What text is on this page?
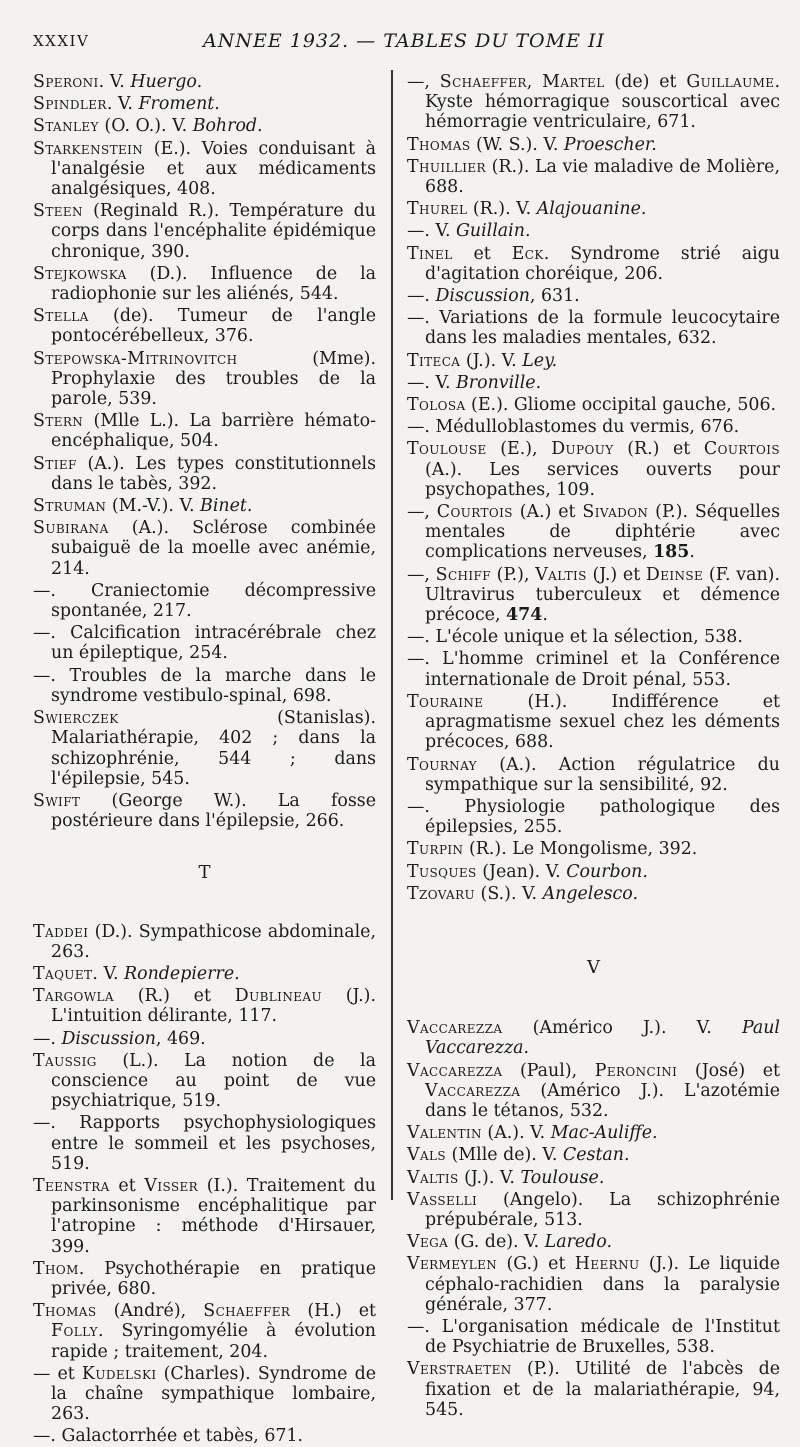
XXXIV	ANNEE 1932. — TABLES DU TOME II

Speroni. V. Huergo.

Spindler. V. Froment.

Stanley (O. O.). V. Bohrod.

Starkenstein (E.). Voies conduisant à l'analgésie et aux médicaments analgésiques, 408.

Steen (Reginald R.). Température du corps dans l'encéphalite épidémique chronique, 390.

Stejkowska (D.). Influence de la radiophonie sur les aliénés, 544.

Stella (de). Tumeur de l'angle pontocérébelleux, 376.

Stepowska-Mitrinovitch (Mme). Prophylaxie des troubles de la parole, 539.

Stern (Mlle L.). La barrière hémato-encéphalique, 504.

Stief (A.). Les types constitutionnels dans le tabès, 392.

Struman (M.-V.). V. Binet.

Subirana (A.). Sclérose combinée subaiguë de la moelle avec anémie, 214.

—. Craniectomie décompressive spontanée, 217.

—. Calcification intracérébrale chez un épileptique, 254.

—. Troubles de la marche dans le syndrome vestibulo-spinal, 698.

Swierczek (Stanislas). Malariathérapie, 402 ; dans la schizophrénie, 544 ; dans l'épilepsie, 545.

Swift (George W.). La fosse postérieure dans l'épilepsie, 266.

T

Taddei (D.). Sympathicose abdominale, 263.

Taquet. V. Rondepierre.

Targowla (R.) et Dublineau (J.). L'intuition délirante, 117.

—. Discussion, 469.

Taussig (L.). La notion de la conscience au point de vue psychiatrique, 519.

—. Rapports psychophysiologiques entre le sommeil et les psychoses, 519.

Teenstra et Visser (I.). Traitement du parkinsonisme encéphalitique par l'atropine : méthode d'Hirsauer, 399.

Thom. Psychothérapie en pratique privée, 680.

Thomas (André), Schaeffer (H.) et Folly. Syringomyélie à évolution rapide ; traitement, 204.

— et Kudelski (Charles). Syndrome de la chaîne sympathique lombaire, 263.

—. Galactorrhée et tabès, 671.

—, Schaeffer, Martel (de) et Guillaume. Kyste hémorragique souscortical avec hémorragie ventriculaire, 671.

Thomas (W. S.). V. Proescher.

Thuillier (R.). La vie maladive de Molière, 688.

Thurel (R.). V. Alajouanine.

—. V. Guillain.

Tinel et Eck. Syndrome strié aigu d'agitation choréique, 206.

—. Discussion, 631.

—. Variations de la formule leucocytaire dans les maladies mentales, 632.

Titeca (J.). V. Ley.

—. V. Bronville.

Tolosa (E.). Gliome occipital gauche, 506.

—. Médulloblastomes du vermis, 676.

Toulouse (E.), Dupouy (R.) et Courtois (A.). Les services ouverts pour psychopathes, 109.

—, Courtois (A.) et Sivadon (P.). Séquelles mentales de diphtérie avec complications nerveuses, 185.

—, Schiff (P.), Valtis (J.) et Deinse (F. van). Ultravirus tuberculeux et démence précoce, 474.

—. L'école unique et la sélection, 538.

—. L'homme criminel et la Conférence internationale de Droit pénal, 553.

Touraine (H.). Indifférence et apragmatisme sexuel chez les déments précoces, 688.

Tournay (A.). Action régulatrice du sympathique sur la sensibilité, 92.

—. Physiologie pathologique des épilepsies, 255.

Turpin (R.). Le Mongolisme, 392.

Tusques (Jean). V. Courbon.

Tzovaru (S.). V. Angelesco.

V

Vaccarezza (Américo J.). V. Paul Vaccarezza.

Vaccarezza (Paul), Peroncini (José) et Vaccarezza (Américo J.). L'azotémie dans le tétanos, 532.

Valentin (A.). V. Mac-Auliffe.

Vals (Mlle de). V. Cestan.

Valtis (J.). V. Toulouse.

Vasselli (Angelo). La schizophrénie prépubérale, 513.

Vega (G. de). V. Laredo.

Vermeylen (G.) et Heernu (J.). Le liquide céphalo-rachidien dans la paralysie générale, 377.

—. L'organisation médicale de l'Institut de Psychiatrie de Bruxelles, 538.

Verstraeten (P.). Utilité de l'abcès de fixation et de la malariathérapie, 94, 545.
